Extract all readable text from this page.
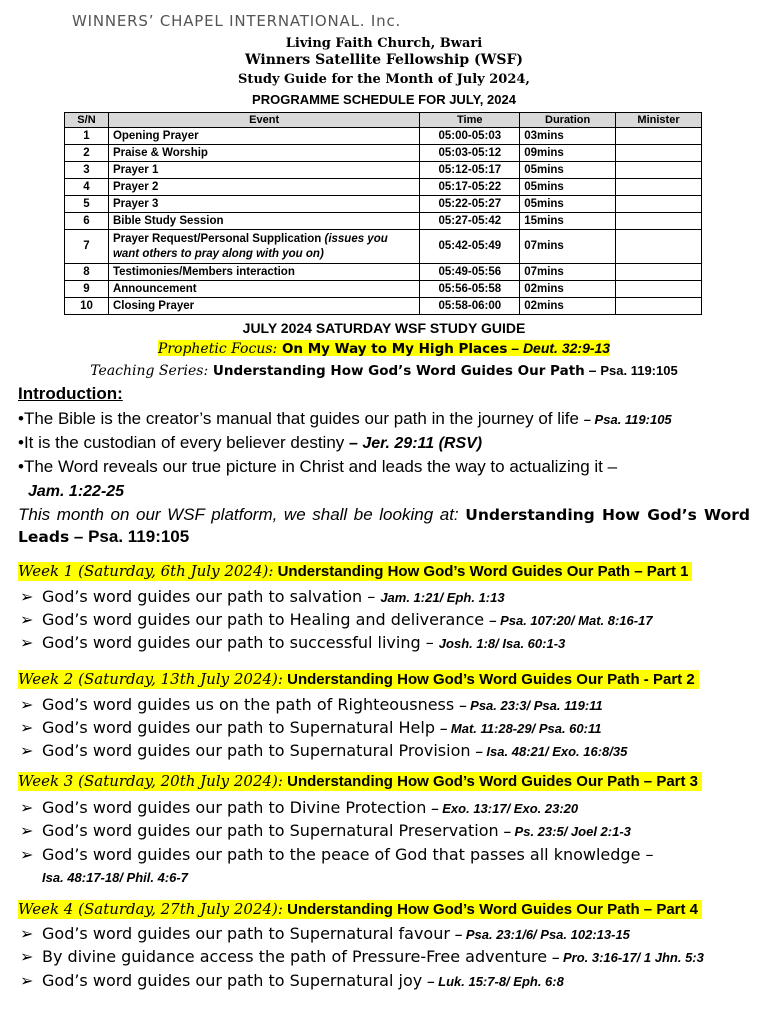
WINNERS’ CHAPEL INTERNATIONAL. Inc.
Living Faith Church, Bwari
Winners Satellite Fellowship (WSF)
Study Guide for the Month of July 2024,
PROGRAMME SCHEDULE FOR JULY, 2024
S/N	Event	Time	Duration	Minister
1	Opening Prayer	05:00-05:03	03mins	
2	Praise & Worship	05:03-05:12	09mins	
3	Prayer 1	05:12-05:17	05mins	
4	Prayer 2	05:17-05:22	05mins	
5	Prayer 3	05:22-05:27	05mins	
6	Bible Study Session	05:27-05:42	15mins	
7	Prayer Request/Personal Supplication (issues you want others to pray along with you on)	05:42-05:49	07mins	
8	Testimonies/Members interaction	05:49-05:56	07mins	
9	Announcement	05:56-05:58	02mins	
10	Closing Prayer	05:58-06:00	02mins	
JULY 2024 SATURDAY WSF STUDY GUIDE
Prophetic Focus: On My Way to My High Places – Deut. 32:9-13
Teaching Series: Understanding How God’s Word Guides Our Path – Psa. 119:105
Introduction:
•The Bible is the creator’s manual that guides our path in the journey of life – Psa. 119:105
•It is the custodian of every believer destiny – Jer. 29:11 (RSV)
•The Word reveals our true picture in Christ and leads the way to actualizing it –
Jam. 1:22-25
This month on our WSF platform, we shall be looking at: Understanding How God’s Word Leads – Psa. 119:105
Week 1 (Saturday, 6th July 2024): Understanding How God’s Word Guides Our Path – Part 1
➢ God’s word guides our path to salvation – Jam. 1:21/ Eph. 1:13
➢ God’s word guides our path to Healing and deliverance – Psa. 107:20/ Mat. 8:16-17
➢ God’s word guides our path to successful living – Josh. 1:8/ Isa. 60:1-3
Week 2 (Saturday, 13th July 2024): Understanding How God’s Word Guides Our Path - Part 2
➢ God’s word guides us on the path of Righteousness – Psa. 23:3/ Psa. 119:11
➢ God’s word guides our path to Supernatural Help – Mat. 11:28-29/ Psa. 60:11
➢ God’s word guides our path to Supernatural Provision – Isa. 48:21/ Exo. 16:8/35
Week 3 (Saturday, 20th July 2024): Understanding How God’s Word Guides Our Path – Part 3
➢ God’s word guides our path to Divine Protection – Exo. 13:17/ Exo. 23:20
➢ God’s word guides our path to Supernatural Preservation – Ps. 23:5/ Joel 2:1-3
➢ God’s word guides our path to the peace of God that passes all knowledge –
Isa. 48:17-18/ Phil. 4:6-7
Week 4 (Saturday, 27th July 2024): Understanding How God’s Word Guides Our Path – Part 4
➢ God’s word guides our path to Supernatural favour – Psa. 23:1/6/ Psa. 102:13-15
➢ By divine guidance access the path of Pressure-Free adventure – Pro. 3:16-17/ 1 Jhn. 5:3
➢ God’s word guides our path to Supernatural joy – Luk. 15:7-8/ Eph. 6:8
